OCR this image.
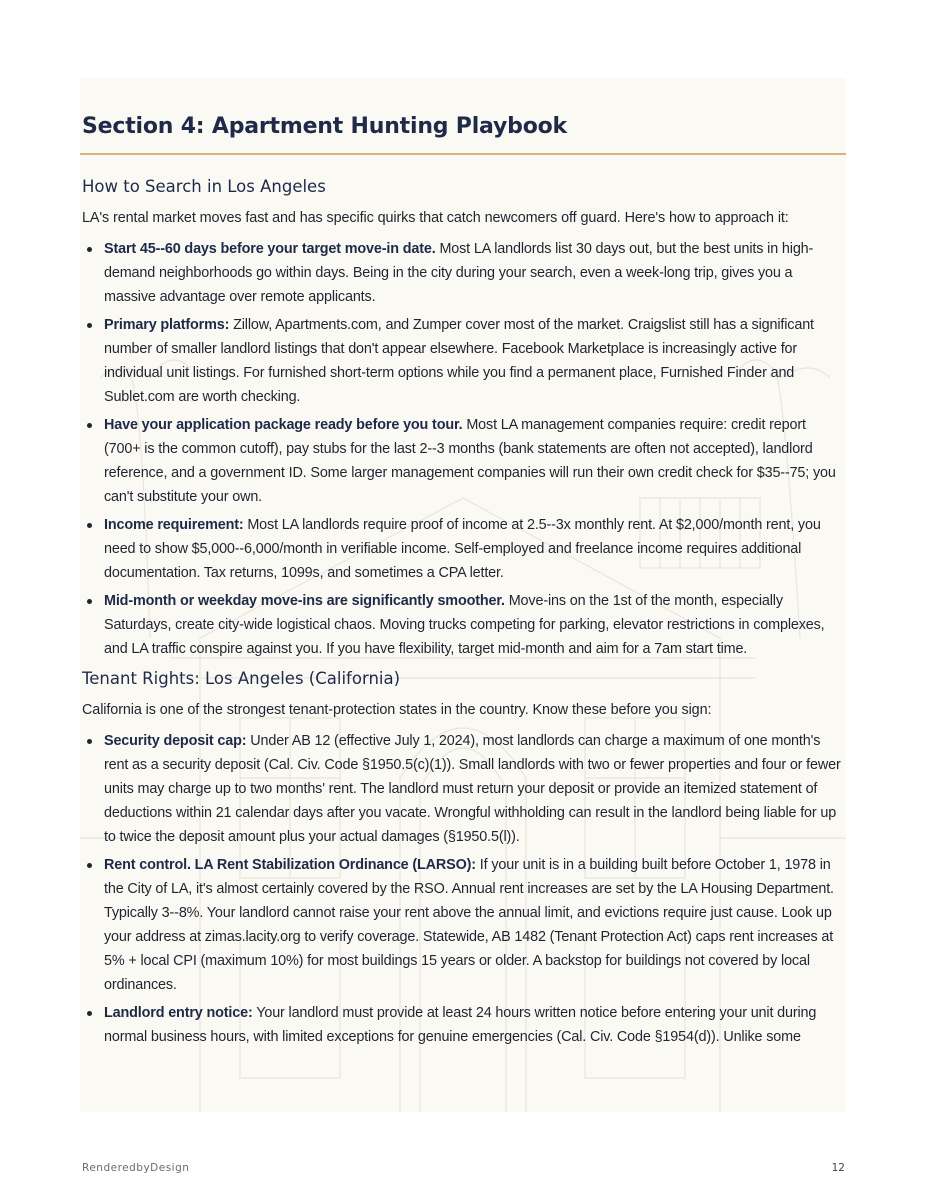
Section 4: Apartment Hunting Playbook
How to Search in Los Angeles

LA's rental market moves fast and has specific quirks that catch newcomers off guard. Here's how to approach it:

Start 45--60 days before your target move-in date. Most LA landlords list 30 days out, but the best units in high-demand neighborhoods go within days. Being in the city during your search, even a week-long trip, gives you a massive advantage over remote applicants.
Primary platforms: Zillow, Apartments.com, and Zumper cover most of the market. Craigslist still has a significant number of smaller landlord listings that don't appear elsewhere. Facebook Marketplace is increasingly active for individual unit listings. For furnished short-term options while you find a permanent place, Furnished Finder and Sublet.com are worth checking.
Have your application package ready before you tour. Most LA management companies require: credit report (700+ is the common cutoff), pay stubs for the last 2--3 months (bank statements are often not accepted), landlord reference, and a government ID. Some larger management companies will run their own credit check for $35--75; you can't substitute your own.
Income requirement: Most LA landlords require proof of income at 2.5--3x monthly rent. At $2,000/month rent, you need to show $5,000--6,000/month in verifiable income. Self-employed and freelance income requires additional documentation. Tax returns, 1099s, and sometimes a CPA letter.
Mid-month or weekday move-ins are significantly smoother. Move-ins on the 1st of the month, especially Saturdays, create city-wide logistical chaos. Moving trucks competing for parking, elevator restrictions in complexes, and LA traffic conspire against you. If you have flexibility, target mid-month and aim for a 7am start time.
Tenant Rights: Los Angeles (California)

California is one of the strongest tenant-protection states in the country. Know these before you sign:

Security deposit cap: Under AB 12 (effective July 1, 2024), most landlords can charge a maximum of one month's rent as a security deposit (Cal. Civ. Code §1950.5(c)(1)). Small landlords with two or fewer properties and four or fewer units may charge up to two months' rent. The landlord must return your deposit or provide an itemized statement of deductions within 21 calendar days after you vacate. Wrongful withholding can result in the landlord being liable for up to twice the deposit amount plus your actual damages (§1950.5(l)).
Rent control. LA Rent Stabilization Ordinance (LARSO): If your unit is in a building built before October 1, 1978 in the City of LA, it's almost certainly covered by the RSO. Annual rent increases are set by the LA Housing Department. Typically 3--8%. Your landlord cannot raise your rent above the annual limit, and evictions require just cause. Look up your address at zimas.lacity.org to verify coverage. Statewide, AB 1482 (Tenant Protection Act) caps rent increases at 5% + local CPI (maximum 10%) for most buildings 15 years or older. A backstop for buildings not covered by local ordinances.
Landlord entry notice: Your landlord must provide at least 24 hours written notice before entering your unit during normal business hours, with limited exceptions for genuine emergencies (Cal. Civ. Code §1954(d)). Unlike some
RenderedbyDesign	12
